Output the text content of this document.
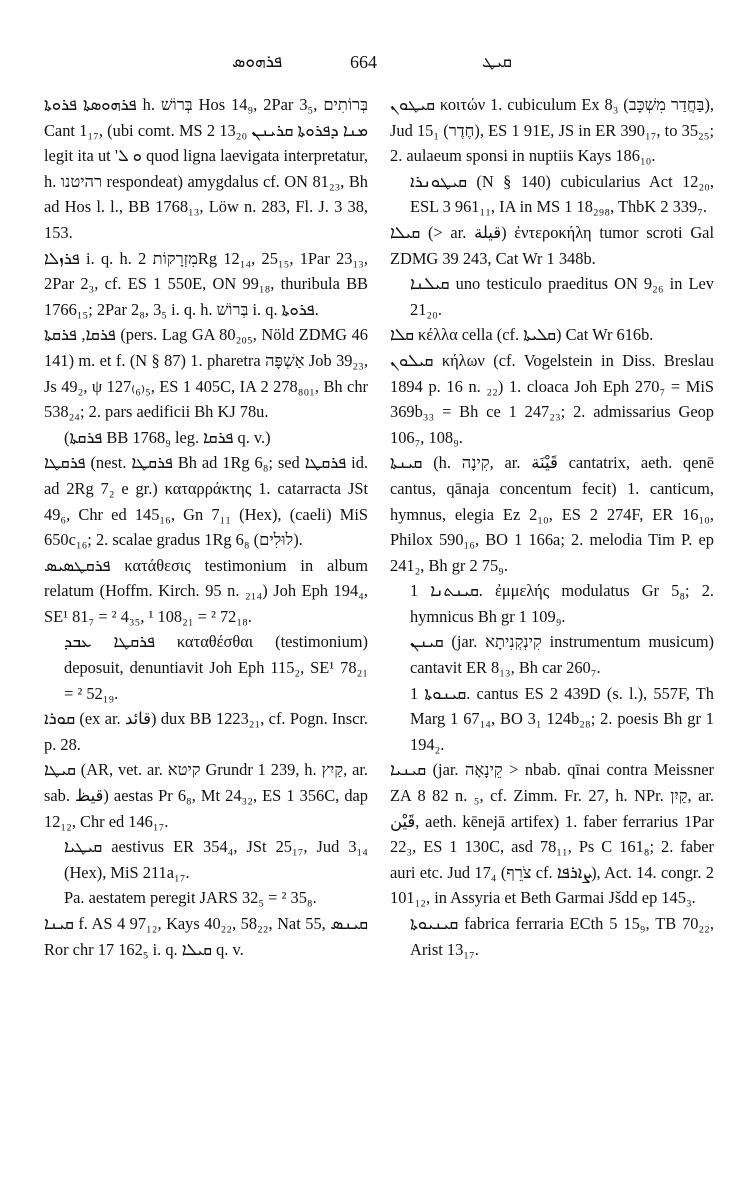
ܦܪܗܘܣ	664	ܩܝܛ

ܦܪܗܘܣܬܐ ܦܪܘܬܐ h. בְּרוֹשׁ Hos 14₉, 2Par 3₅, בְּרוֹתִים Cant 1₁₇, (ubi comt. MS 2 13₂₀ ܡܢܐ ܕܦܪܘܬܐ ܩܪܝܢܢ legit ita ut 'ܘ ܠ quod ligna laevigata interpretatur, h. רהיטנו respondeat) amygdalus cf. ON 81₂₃, Bh ad Hos l. l., BB 1768₁₃, Löw n. 283, Fl. J. 3 38, 153.

ܦܪܙܠܐ i. q. h. מִזְרָקוֹת 2Rg 12₁₄, 25₁₅, 1Par 23₁₃, 2Par 2₃, cf. ES 1 550E, ON 99₁₈, thuribula BB 1766₁₅; 2Par 2₈, 3₅ i. q. h. בְּרוֹשׁ i. q. ܦܪܘܬܐ.

ܦܪܩܐ, ܦܪܩܬܐ (pers. Lag GA 80₂₀₅, Nöld ZDMG 46 141) m. et f. (N § 87) 1. pharetra אַשְׁפָּה Job 39₂₃, Js 49₂, ψ 127₍₆₎₅, ES 1 405C, IA 2 278₈₀₁, Bh chr 538₂₄; 2. pars aedificii Bh KJ 78u.

(ܦܪܩܬܐ BB 1768₉ leg. ܦܪܩܐ q. v.)

ܦܪܩܛܐ (nest. ܦܪܩܛܐ Bh ad 1Rg 6₈; sed ܦܪܩܛܐ id. ad 2Rg 7₂ e gr.) καταρράκτης 1. catarracta JSt 49₆, Chr ed 145₁₆, Gn 7₁₁ (Hex), (caeli) MiS 650c₁₆; 2. scalae gradus 1Rg 6₈ (לוּלִים).

ܦܪܩܛܣܝܣ κατάθεσις testimonium in album relatum (Hoffm. Kirch. 95 n. ₂₁₄) Joh Eph 194₄, SE¹ 81₇ = ² 4₃₅, ¹ 108₂₁ = ² 72₁₈.

ܦܪܩܛܐ ܥܒܕ καταθέσθαι (testimonium) deposuit, denuntiavit Joh Eph 115₂, SE¹ 78₂₁ = ² 52₁₉.

ܩܘܪܐ (ex ar. قائد) dux BB 1223₂₁, cf. Pogn. Inscr. p. 28.

ܩܝܛܐ (AR, vet. ar. קיטא Grundr 1 239, h. קַיִץ, ar. sab. قيظ) aestas Pr 6₈, Mt 24₃₂, ES 1 356C, dap 12₁₂, Chr ed 146₁₇.

ܩܝܛܝܐ aestivus ER 354₄, JSt 25₁₇, Jud 3₁₄ (Hex), MiS 211a₁₇.

Pa. aestatem peregit JARS 32₅ = ² 35₈.

ܩܝܢܐ f. AS 4 97₁₂, Kays 40₂₂, 58₂₂, Nat 55, ܩܝܢܣ Ror chr 17 162₅ i. q. ܩܝܠܐ q. v.

ܩܝܛܘܢ κοιτών 1. cubiculum Ex 8₃ (בַּחֲדַר מִשְׁכָּב), Jud 15₁ (חֶדֶר), ES 1 91E, JS in ER 390₁₇, to 35₂₅; 2. aulaeum sponsi in nuptiis Kays 186₁₀.

ܩܝܛܘܢܪܐ (N § 140) cubicularius Act 12₂₀, ESL 3 961₁₁, IA in MS 1 18₂₉₈, ThbK 2 339₇.

ܩܝܠܐ (> ar. قيلة) ἐντεροκήλη tumor scroti Gal ZDMG 39 243, Cat Wr 1 348b.

ܩܝܠܢܐ uno testiculo praeditus ON 9₂₆ in Lev 21₂₀.

ܩܠܐ κέλλα cella (cf. ܩܠܝܬܐ) Cat Wr 616b.

ܩܝܠܘܢ κήλων (cf. Vogelstein in Diss. Breslau 1894 p. 16 n. ₂₂) 1. cloaca Joh Eph 270₇ = MiS 369b₃₃ = Bh ce 1 247₂₃; 2. admissarius Geop 106₇, 108₉.

ܩܝܢܬܐ (h. קִינָה, ar. قَيْنَة cantatrix, aeth. qenē cantus, qānaja concentum fecit) 1. canticum, hymnus, elegia Ez 2₁₀, ES 2 274F, ER 16₁₀, Philox 590₁₆, BO 1 166a; 2. melodia Tim P. ep 241₂, Bh gr 2 75₉.

ܩܝܢܬܢܐ 1. ἐμμελής modulatus Gr 5₈; 2. hymnicus Bh gr 1 109₉.

ܩܝܢܢ (jar. קִינְקְנִיתָא instrumentum musicum) cantavit ER 8₁₃, Bh car 260₇.

ܩܝܢܘܬܐ 1. cantus ES 2 439D (s. l.), 557F, Th Marg 1 67₁₄, BO 3₁ 124b₂₈; 2. poesis Bh gr 1 194₂.

ܩܝܢܝܐ (jar. קֵינָאָה > nbab. qīnai contra Meissner ZA 8 82 n. ₅, cf. Zimm. Fr. 27, h. NPr. קַיִן, ar. قَيْن, aeth. kēnejā artifex) 1. faber ferrarius 1Par 22₃, ES 1 130C, asd 78₁₁, Ps C 161₈; 2. faber auri etc. Jud 17₄ (צֹרֵף cf. ܨܐܪܦܐ), Act. 14. congr. 2 101₁₂, in Assyria et Beth Garmai Jšdd ep 145₃.

ܩܝܢܝܘܬܐ fabrica ferraria ECth 5 15₉, TB 70₂₂, Arist 13₁₇.
